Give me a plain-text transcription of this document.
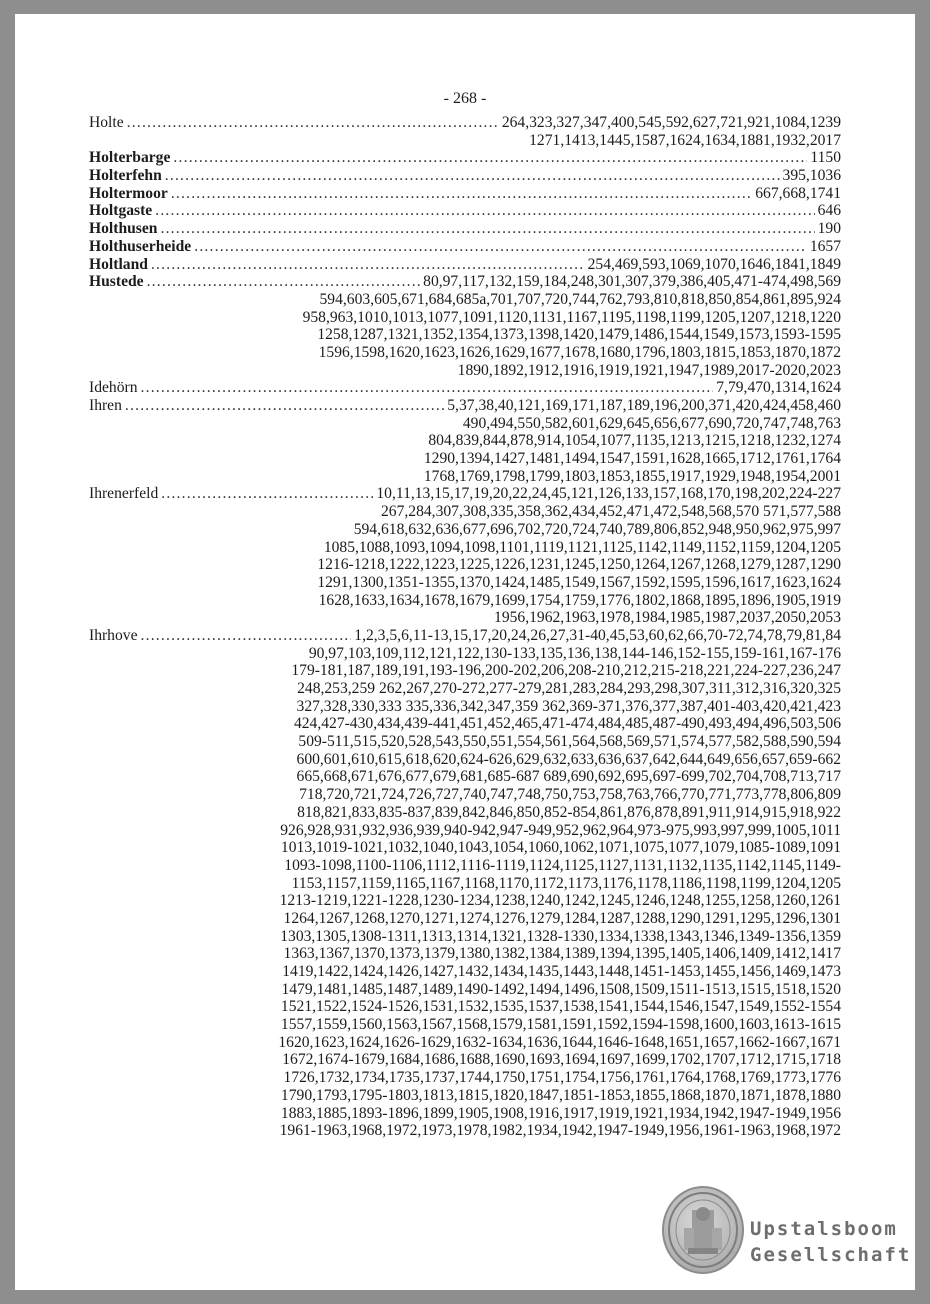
- 268 -
Holte .....	264,323,327,347,400,545,592,627,721,921,1084,1239
1271,1413,1445,1587,1624,1634,1881,1932,2017
Holterbarge .....	1150
Holterfehn .....	395,1036
Holtermoor .....	667,668,1741
Holtgaste .....	646
Holthusen .....	190
Holthuserheide .....	1657
Holtland .....	254,469,593,1069,1070,1646,1841,1849
Hustede .....	80,97,117,132,159,184,248,301,307,379,386,405,471-474,498,569
594,603,605,671,684,685a,701,707,720,744,762,793,810,818,850,854,861,895,924
958,963,1010,1013,1077,1091,1120,1131,1167,1195,1198,1199,1205,1207,1218,1220
1258,1287,1321,1352,1354,1373,1398,1420,1479,1486,1544,1549,1573,1593-1595
1596,1598,1620,1623,1626,1629,1677,1678,1680,1796,1803,1815,1853,1870,1872
1890,1892,1912,1916,1919,1921,1947,1989,2017-2020,2023
Idehörn .....	7,79,470,1314,1624
Ihren .....	5,37,38,40,121,169,171,187,189,196,200,371,420,424,458,460
490,494,550,582,601,629,645,656,677,690,720,747,748,763
804,839,844,878,914,1054,1077,1135,1213,1215,1218,1232,1274
1290,1394,1427,1481,1494,1547,1591,1628,1665,1712,1761,1764
1768,1769,1798,1799,1803,1853,1855,1917,1929,1948,1954,2001
Ihrenerfeld .....	10,11,13,15,17,19,20,22,24,45,121,126,133,157,168,170,198,202,224-227
267,284,307,308,335,358,362,434,452,471,472,548,568,570 571,577,588
594,618,632,636,677,696,702,720,724,740,789,806,852,948,950,962,975,997
1085,1088,1093,1094,1098,1101,1119,1121,1125,1142,1149,1152,1159,1204,1205
1216-1218,1222,1223,1225,1226,1231,1245,1250,1264,1267,1268,1279,1287,1290
1291,1300,1351-1355,1370,1424,1485,1549,1567,1592,1595,1596,1617,1623,1624
1628,1633,1634,1678,1679,1699,1754,1759,1776,1802,1868,1895,1896,1905,1919
1956,1962,1963,1978,1984,1985,1987,2037,2050,2053
Ihrhove .....	1,2,3,5,6,11-13,15,17,20,24,26,27,31-40,45,53,60,62,66,70-72,74,78,79,81,84
90,97,103,109,112,121,122,130-133,135,136,138,144-146,152-155,159-161,167-176
179-181,187,189,191,193-196,200-202,206,208-210,212,215-218,221,224-227,236,247
248,253,259 262,267,270-272,277-279,281,283,284,293,298,307,311,312,316,320,325
327,328,330,333 335,336,342,347,359 362,369-371,376,377,387,401-403,420,421,423
424,427-430,434,439-441,451,452,465,471-474,484,485,487-490,493,494,496,503,506
509-511,515,520,528,543,550,551,554,561,564,568,569,571,574,577,582,588,590,594
600,601,610,615,618,620,624-626,629,632,633,636,637,642,644,649,656,657,659-662
665,668,671,676,677,679,681,685-687 689,690,692,695,697-699,702,704,708,713,717
718,720,721,724,726,727,740,747,748,750,753,758,763,766,770,771,773,778,806,809
818,821,833,835-837,839,842,846,850,852-854,861,876,878,891,911,914,915,918,922
926,928,931,932,936,939,940-942,947-949,952,962,964,973-975,993,997,999,1005,1011
1013,1019-1021,1032,1040,1043,1054,1060,1062,1071,1075,1077,1079,1085-1089,1091
1093-1098,1100-1106,1112,1116-1119,1124,1125,1127,1131,1132,1135,1142,1145,1149-
1153,1157,1159,1165,1167,1168,1170,1172,1173,1176,1178,1186,1198,1199,1204,1205
1213-1219,1221-1228,1230-1234,1238,1240,1242,1245,1246,1248,1255,1258,1260,1261
1264,1267,1268,1270,1271,1274,1276,1279,1284,1287,1288,1290,1291,1295,1296,1301
1303,1305,1308-1311,1313,1314,1321,1328-1330,1334,1338,1343,1346,1349-1356,1359
1363,1367,1370,1373,1379,1380,1382,1384,1389,1394,1395,1405,1406,1409,1412,1417
1419,1422,1424,1426,1427,1432,1434,1435,1443,1448,1451-1453,1455,1456,1469,1473
1479,1481,1485,1487,1489,1490-1492,1494,1496,1508,1509,1511-1513,1515,1518,1520
1521,1522,1524-1526,1531,1532,1535,1537,1538,1541,1544,1546,1547,1549,1552-1554
1557,1559,1560,1563,1567,1568,1579,1581,1591,1592,1594-1598,1600,1603,1613-1615
1620,1623,1624,1626-1629,1632-1634,1636,1644,1646-1648,1651,1657,1662-1667,1671
1672,1674-1679,1684,1686,1688,1690,1693,1694,1697,1699,1702,1707,1712,1715,1718
1726,1732,1734,1735,1737,1744,1750,1751,1754,1756,1761,1764,1768,1769,1773,1776
1790,1793,1795-1803,1813,1815,1820,1847,1851-1853,1855,1868,1870,1871,1878,1880
1883,1885,1893-1896,1899,1905,1908,1916,1917,1919,1921,1934,1942,1947-1949,1956
1961-1963,1968,1972,1973,1978,1982,1934,1942,1947-1949,1956,1961-1963,1968,1972
Upstalsboom
Gesellschaft
